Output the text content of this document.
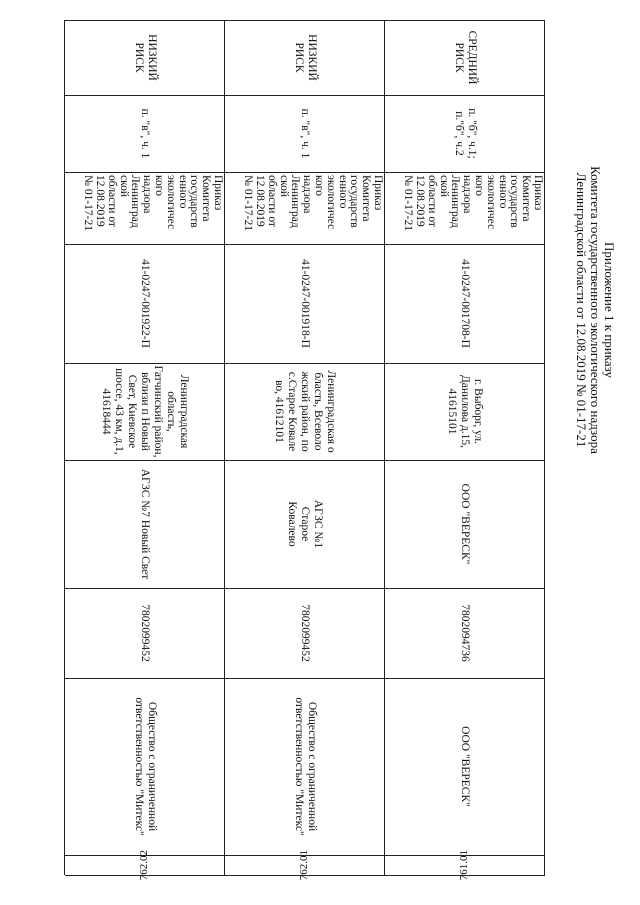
Приложение 1 к приказу
Комитета государственного экологического надзора
Ленинградской области от 12.08.2019 № 01-17-21
СРЕДНИЙ РИСК
п. "б", ч.1; п."б", ч.2
Приказ
Комитета
государств
енного
экологичес
кого
надзора
Ленинград
ской
области от
12.08.2019
№ 01-17-21
41-0247-001708-П
г. Выборг, ул. Данилова д.15, 41615101
ООО "ВЕРЕСК"
7802094736
ООО "ВЕРЕСК"
761.01
НИЗКИЙ РИСК
п. "в", ч. 1
Приказ
Комитета
государств
енного
экологичес
кого
надзора
Ленинград
ской
области от
12.08.2019
№ 01-17-21
41-0247-001918-П
Ленинградская область, Всеволожский район, пос.Старое Ковалево, 41612101
АГЗС №1 Старое Ковалево
7802099452
Общество с ограниченной ответственностью "Митекс"
762.01
НИЗКИЙ РИСК
п. "в", ч. 1
Приказ
Комитета
государств
енного
экологичес
кого
надзора
Ленинград
ской
области от
12.08.2019
№ 01-17-21
41-0247-001922-П
Ленинградская область, Гатчинский район, вблизи п Новый Свет, Киевское шоссе, 43 км, д.1, 41618444
АГЗС №7 Новый Свет
7802099452
Общество с ограниченной ответственностью "Митекс"
762.02
